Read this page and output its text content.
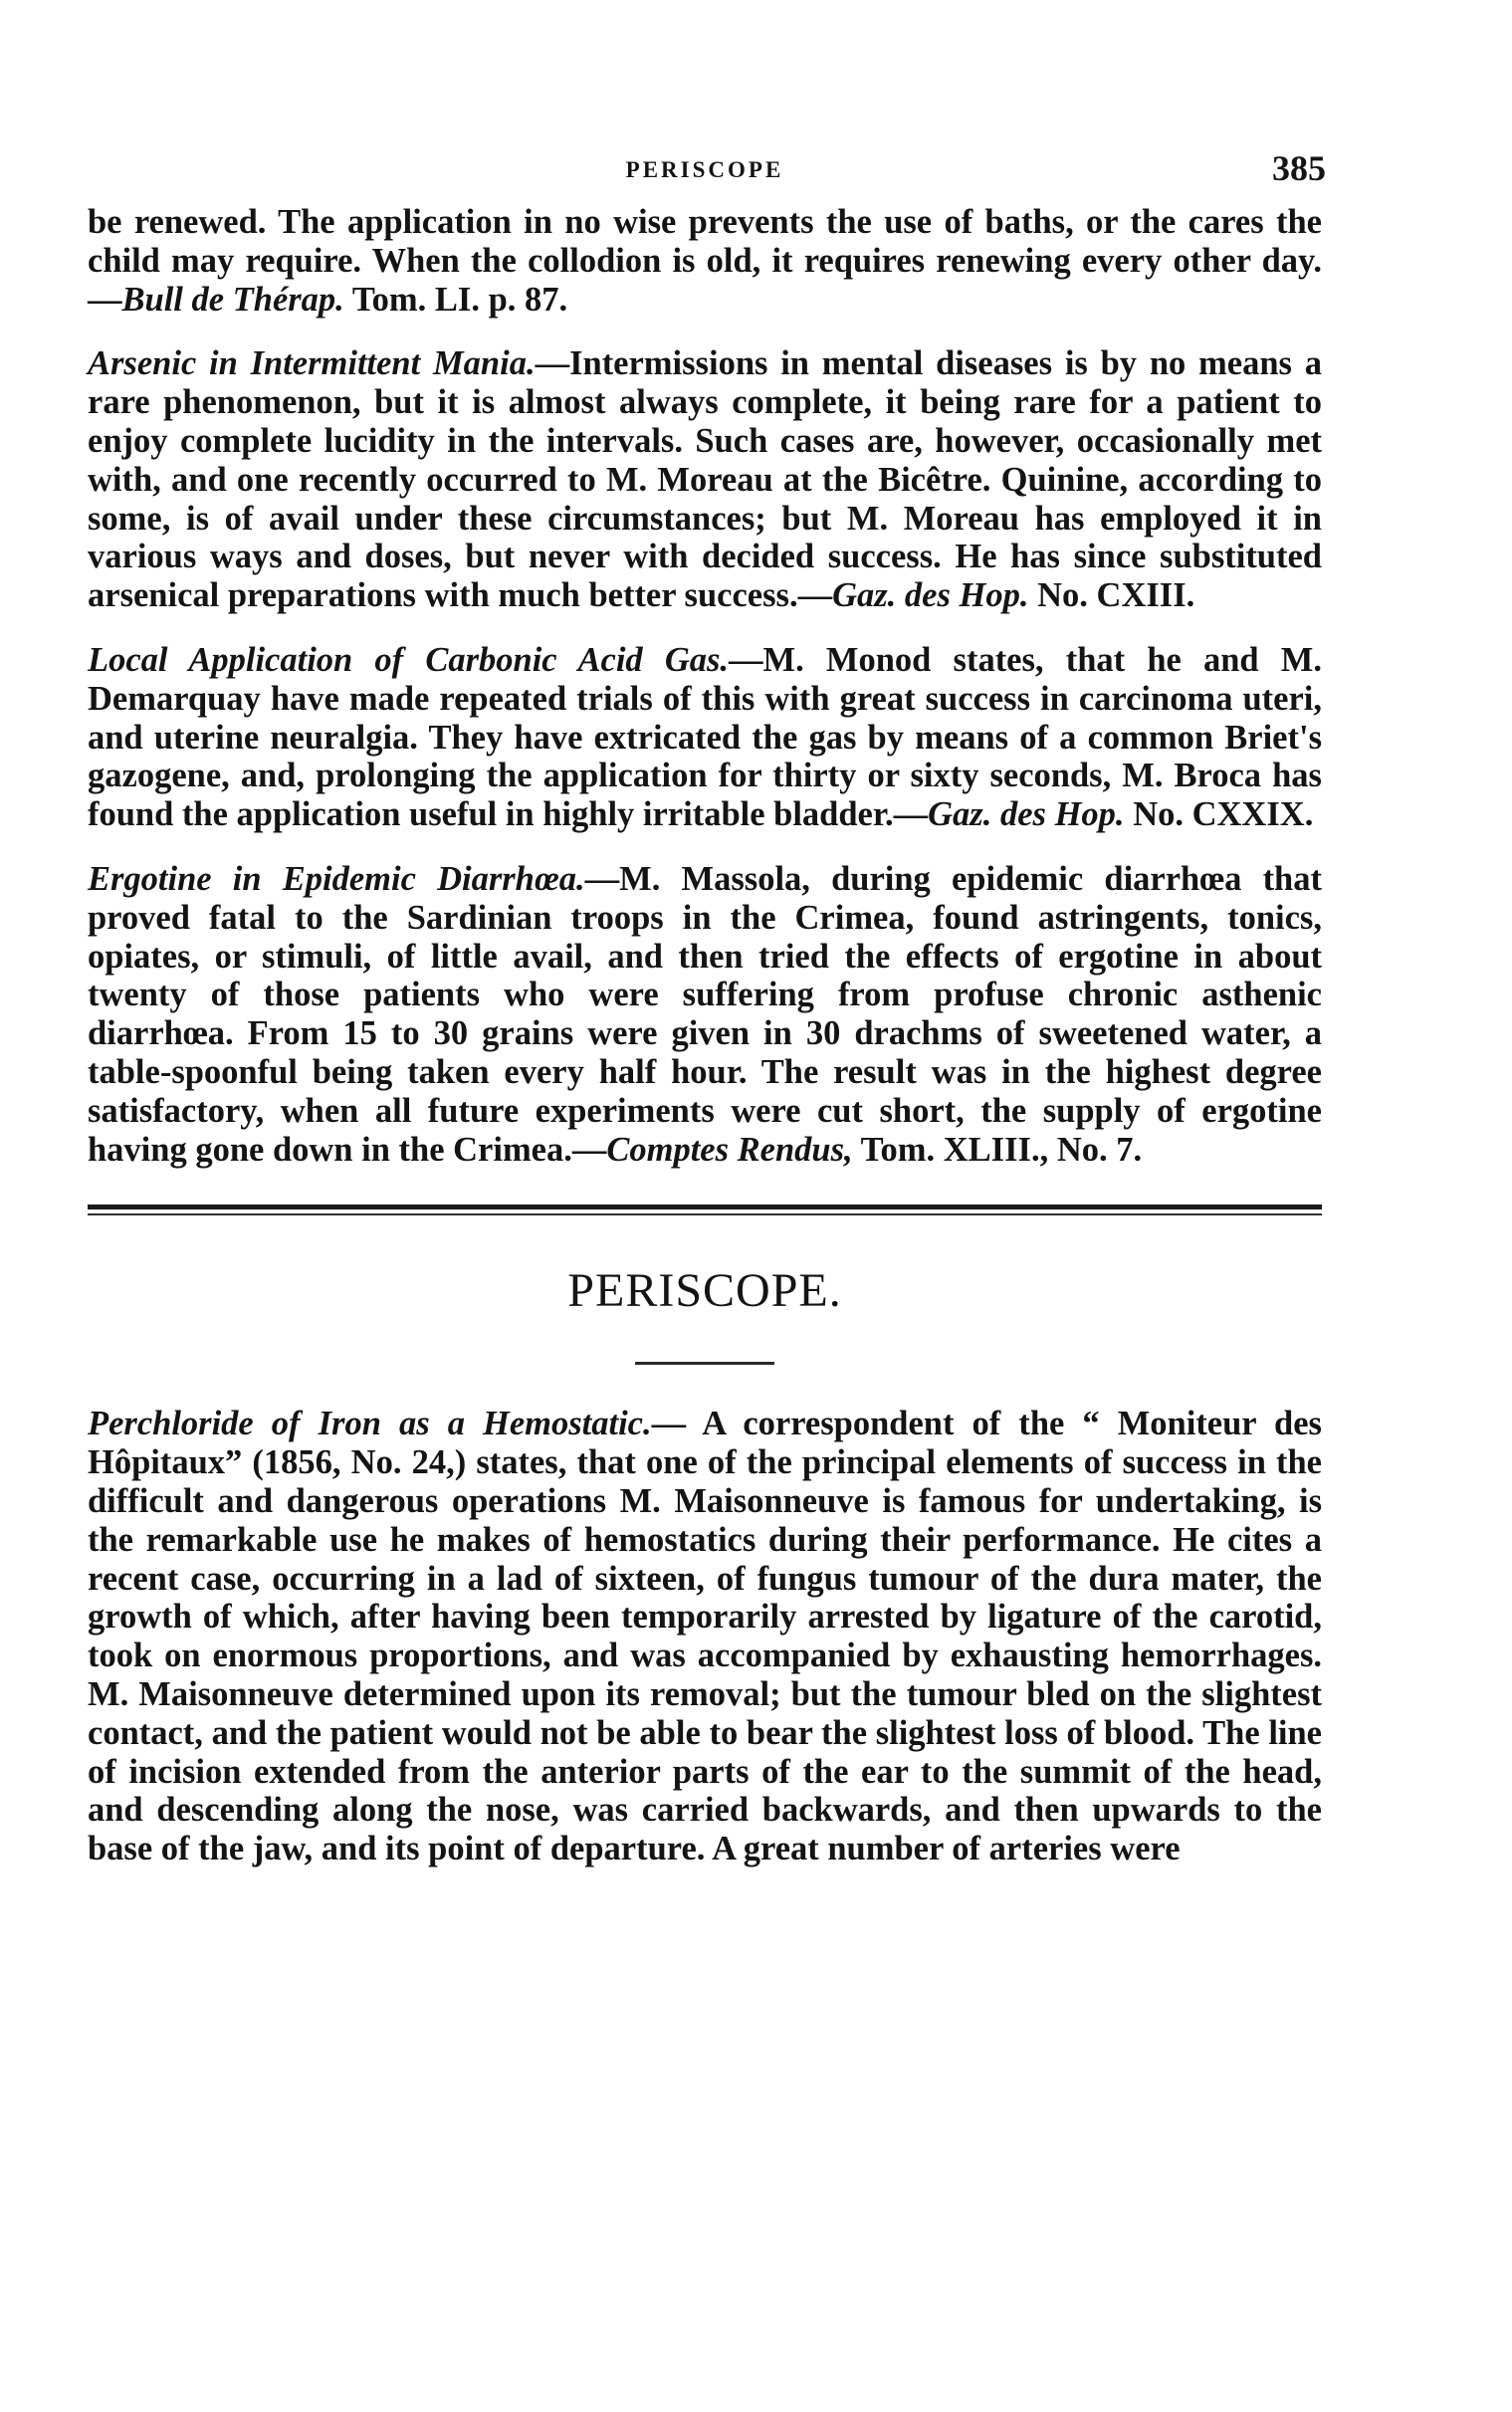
PERISCOPE	385

be renewed. The application in no wise prevents the use of baths, or the cares the child may require. When the collodion is old, it requires renewing every other day.—Bull de Thérap. Tom. LI. p. 87.

Arsenic in Intermittent Mania.—Intermissions in mental diseases is by no means a rare phenomenon, but it is almost always complete, it being rare for a patient to enjoy complete lucidity in the intervals. Such cases are, however, occasionally met with, and one recently occurred to M. Moreau at the Bicêtre. Quinine, according to some, is of avail under these circumstances; but M. Moreau has employed it in various ways and doses, but never with decided success. He has since substituted arsenical preparations with much better success.—Gaz. des Hop. No. CXIII.

Local Application of Carbonic Acid Gas.—M. Monod states, that he and M. Demarquay have made repeated trials of this with great success in carcinoma uteri, and uterine neuralgia. They have extricated the gas by means of a common Briet's gazogene, and, prolonging the application for thirty or sixty seconds, M. Broca has found the application useful in highly irritable bladder.—Gaz. des Hop. No. CXXIX.

Ergotine in Epidemic Diarrhœa.—M. Massola, during epidemic diarrhœa that proved fatal to the Sardinian troops in the Crimea, found astringents, tonics, opiates, or stimuli, of little avail, and then tried the effects of ergotine in about twenty of those patients who were suffering from profuse chronic asthenic diarrhœa. From 15 to 30 grains were given in 30 drachms of sweetened water, a table-spoonful being taken every half hour. The result was in the highest degree satisfactory, when all future experiments were cut short, the supply of ergotine having gone down in the Crimea.—Comptes Rendus, Tom. XLIII., No. 7.

PERISCOPE.

Perchloride of Iron as a Hemostatic.— A correspondent of the “ Moniteur des Hôpitaux” (1856, No. 24,) states, that one of the principal elements of success in the difficult and dangerous operations M. Maisonneuve is famous for undertaking, is the remarkable use he makes of hemostatics during their performance. He cites a recent case, occurring in a lad of sixteen, of fungus tumour of the dura mater, the growth of which, after having been temporarily arrested by ligature of the carotid, took on enormous proportions, and was accompanied by exhausting hemorrhages. M. Maisonneuve determined upon its removal; but the tumour bled on the slightest contact, and the patient would not be able to bear the slightest loss of blood. The line of incision extended from the anterior parts of the ear to the summit of the head, and descending along the nose, was carried backwards, and then upwards to the base of the jaw, and its point of departure. A great number of arteries were
